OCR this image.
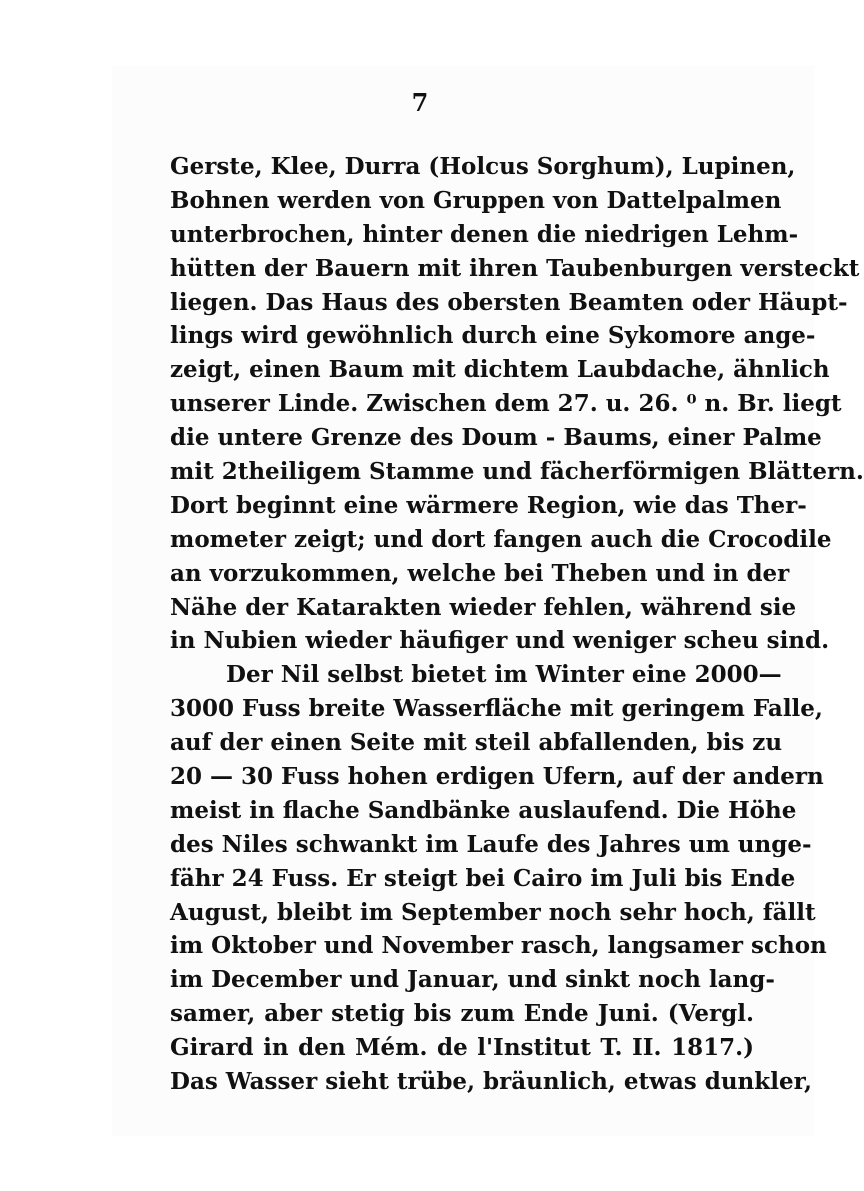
7
Gerste, Klee, Durra (Holcus Sorghum), Lupinen,
Bohnen werden von Gruppen von Dattelpalmen
unterbrochen, hinter denen die niedrigen Lehm-
hütten der Bauern mit ihren Taubenburgen versteckt
liegen. Das Haus des obersten Beamten oder Häupt-
lings wird gewöhnlich durch eine Sykomore ange-
zeigt, einen Baum mit dichtem Laubdache, ähnlich
unserer Linde. Zwischen dem 27. u. 26. ⁰ n. Br. liegt
die untere Grenze des Doum - Baums, einer Palme
mit 2theiligem Stamme und fächerförmigen Blättern.
Dort beginnt eine wärmere Region, wie das Ther-
mometer zeigt; und dort fangen auch die Crocodile
an vorzukommen, welche bei Theben und in der
Nähe der Katarakten wieder fehlen, während sie
in Nubien wieder häufiger und weniger scheu sind.
Der Nil selbst bietet im Winter eine 2000—
3000 Fuss breite Wasserfläche mit geringem Falle,
auf der einen Seite mit steil abfallenden, bis zu
20 — 30 Fuss hohen erdigen Ufern, auf der andern
meist in flache Sandbänke auslaufend. Die Höhe
des Niles schwankt im Laufe des Jahres um unge-
fähr 24 Fuss. Er steigt bei Cairo im Juli bis Ende
August, bleibt im September noch sehr hoch, fällt
im Oktober und November rasch, langsamer schon
im December und Januar, und sinkt noch lang-
samer, aber stetig bis zum Ende Juni. (Vergl.
Girard in den Mém. de l'Institut T. II. 1817.)
Das Wasser sieht trübe, bräunlich, etwas dunkler,
